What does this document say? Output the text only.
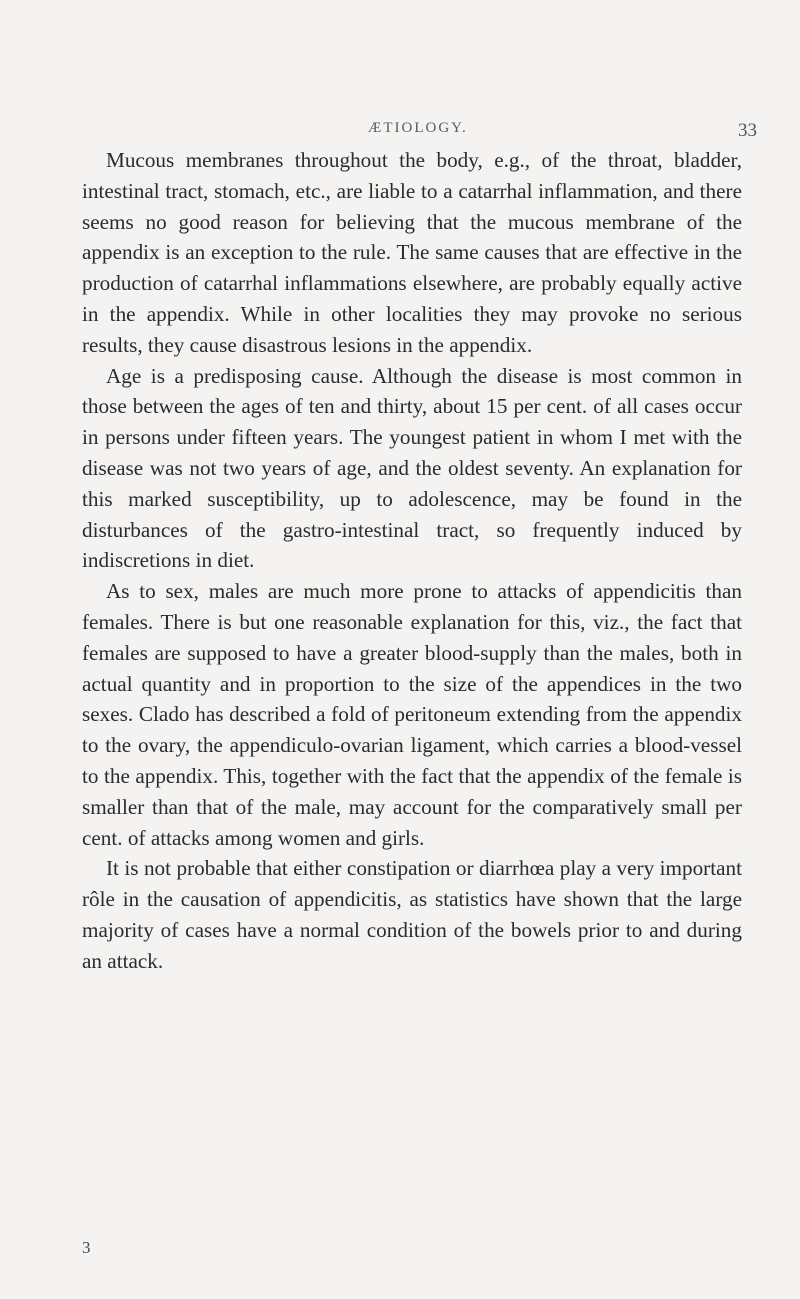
ÆTIOLOGY.	33

Mucous membranes throughout the body, e.g., of the throat, bladder, intestinal tract, stomach, etc., are liable to a catarrhal inflammation, and there seems no good reason for believing that the mucous membrane of the appendix is an exception to the rule. The same causes that are effective in the production of catarrhal inflammations elsewhere, are probably equally active in the appendix. While in other localities they may provoke no serious results, they cause disastrous lesions in the appendix.

Age is a predisposing cause. Although the disease is most common in those between the ages of ten and thirty, about 15 per cent. of all cases occur in persons under fifteen years. The youngest patient in whom I met with the disease was not two years of age, and the oldest seventy. An explanation for this marked susceptibility, up to adolescence, may be found in the disturbances of the gastro-intestinal tract, so frequently induced by indiscretions in diet.

As to sex, males are much more prone to attacks of appendicitis than females. There is but one reasonable explanation for this, viz., the fact that females are supposed to have a greater blood-supply than the males, both in actual quantity and in proportion to the size of the appendices in the two sexes. Clado has described a fold of peritoneum extending from the appendix to the ovary, the appendiculo-ovarian ligament, which carries a blood-vessel to the appendix. This, together with the fact that the appendix of the female is smaller than that of the male, may account for the comparatively small per cent. of attacks among women and girls.

It is not probable that either constipation or diarrhœa play a very important rôle in the causation of appendicitis, as statistics have shown that the large majority of cases have a normal condition of the bowels prior to and during an attack.

3
